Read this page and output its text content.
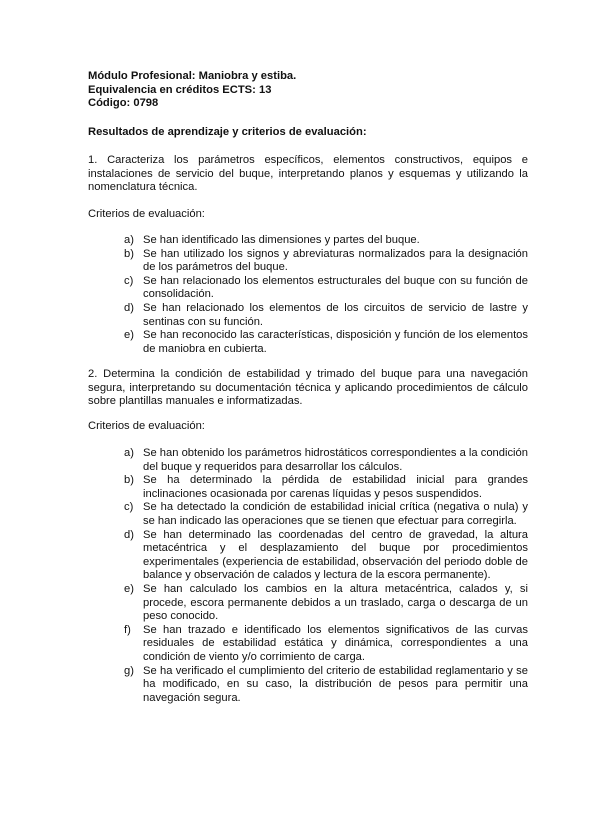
Módulo Profesional: Maniobra y estiba.

Equivalencia en créditos ECTS: 13

Código: 0798

Resultados de aprendizaje y criterios de evaluación:

1. Caracteriza los parámetros específicos, elementos constructivos, equipos e instalaciones de servicio del buque, interpretando planos y esquemas y utilizando la nomenclatura técnica.

Criterios de evaluación:

a) Se han identificado las dimensiones y partes del buque.
b) Se han utilizado los signos y abreviaturas normalizados para la designación de los parámetros del buque.
c) Se han relacionado los elementos estructurales del buque con su función de consolidación.
d) Se han relacionado los elementos de los circuitos de servicio de lastre y sentinas con su función.
e) Se han reconocido las características, disposición y función de los elementos de maniobra en cubierta.

2. Determina la condición de estabilidad y trimado del buque para una navegación segura, interpretando su documentación técnica y aplicando procedimientos de cálculo sobre plantillas manuales e informatizadas.

Criterios de evaluación:

a) Se han obtenido los parámetros hidrostáticos correspondientes a la condición del buque y requeridos para desarrollar los cálculos.
b) Se ha determinado la pérdida de estabilidad inicial para grandes inclinaciones ocasionada por carenas líquidas y pesos suspendidos.
c) Se ha detectado la condición de estabilidad inicial crítica (negativa o nula) y se han indicado las operaciones que se tienen que efectuar para corregirla.
d) Se han determinado las coordenadas del centro de gravedad, la altura metacéntrica y el desplazamiento del buque por procedimientos experimentales (experiencia de estabilidad, observación del periodo doble de balance y observación de calados y lectura de la escora permanente).
e) Se han calculado los cambios en la altura metacéntrica, calados y, si procede, escora permanente debidos a un traslado, carga o descarga de un peso conocido.
f)	Se han trazado e identificado los elementos significativos de las curvas residuales de estabilidad estática y dinámica, correspondientes a una condición de viento y/o corrimiento de carga.
g) Se ha verificado el cumplimiento del criterio de estabilidad reglamentario y se ha modificado, en su caso, la distribución de pesos para permitir una navegación segura.
